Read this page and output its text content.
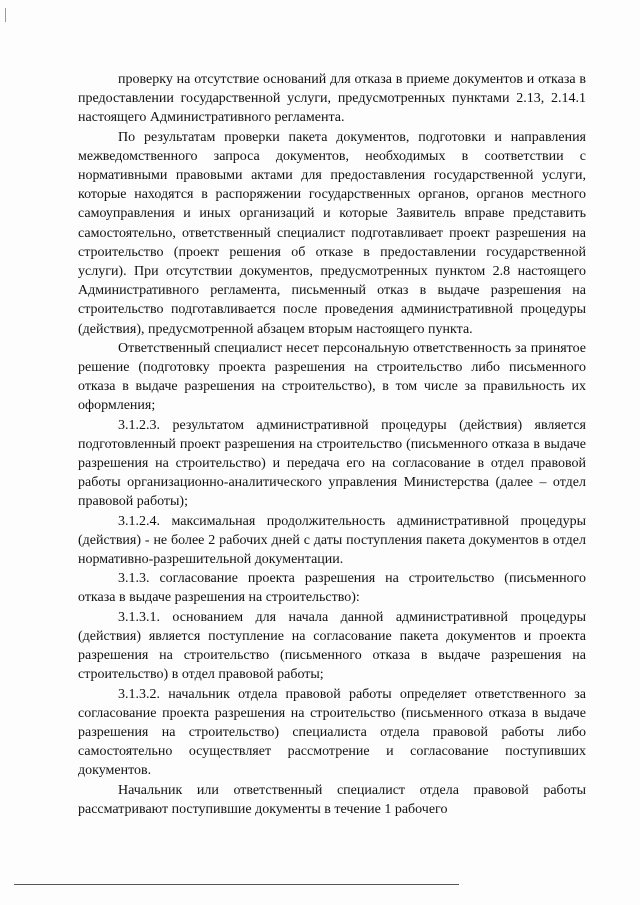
проверку на отсутствие оснований для отказа в приеме документов и отказа в предоставлении государственной услуги, предусмотренных пунктами 2.13, 2.14.1 настоящего Административного регламента.

По результатам проверки пакета документов, подготовки и направления межведомственного запроса документов, необходимых в соответствии с нормативными правовыми актами для предоставления государственной услуги, которые находятся в распоряжении государственных органов, органов местного самоуправления и иных организаций и которые Заявитель вправе представить самостоятельно, ответственный специалист подготавливает проект разрешения на строительство (проект решения об отказе в предоставлении государственной услуги). При отсутствии документов, предусмотренных пунктом 2.8 настоящего Административного регламента, письменный отказ в выдаче разрешения на строительство подготавливается после проведения административной процедуры (действия), предусмотренной абзацем вторым настоящего пункта.

Ответственный специалист несет персональную ответственность за принятое решение (подготовку проекта разрешения на строительство либо письменного отказа в выдаче разрешения на строительство), в том числе за правильность их оформления;

3.1.2.3. результатом административной процедуры (действия) является подготовленный проект разрешения на строительство (письменного отказа в выдаче разрешения на строительство) и передача его на согласование в отдел правовой работы организационно-аналитического управления Министерства (далее – отдел правовой работы);

3.1.2.4. максимальная продолжительность административной процедуры (действия) - не более 2 рабочих дней с даты поступления пакета документов в отдел нормативно-разрешительной документации.

3.1.3. согласование проекта разрешения на строительство (письменного отказа в выдаче разрешения на строительство):

3.1.3.1. основанием для начала данной административной процедуры (действия) является поступление на согласование пакета документов и проекта разрешения на строительство (письменного отказа в выдаче разрешения на строительство) в отдел правовой работы;

3.1.3.2. начальник отдела правовой работы определяет ответственного за согласование проекта разрешения на строительство (письменного отказа в выдаче разрешения на строительство) специалиста отдела правовой работы либо самостоятельно осуществляет рассмотрение и согласование поступивших документов.

Начальник или ответственный специалист отдела правовой работы рассматривают поступившие документы в течение 1 рабочего
